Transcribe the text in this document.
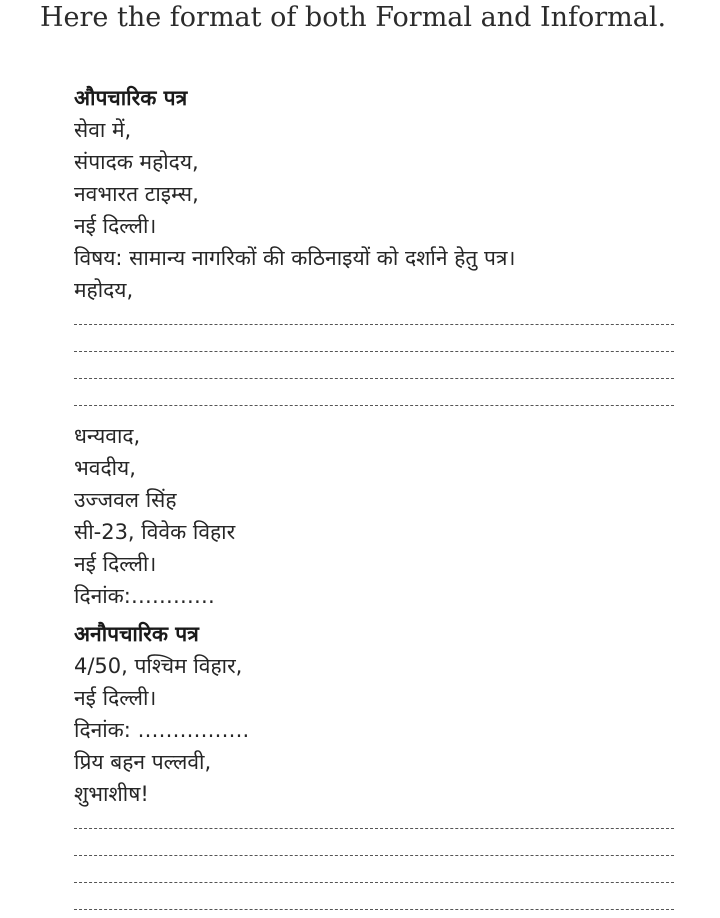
Here the format of both Formal and Informal.
औपचारिक पत्र
सेवा में,
संपादक महोदय,
नवभारत टाइम्स,
नई दिल्ली।
विषय: सामान्य नागरिकों की कठिनाइयों को दर्शाने हेतु पत्र।
महोदय,
धन्यवाद,
भवदीय,
उज्जवल सिंह
सी-23, विवेक विहार
नई दिल्ली।
दिनांक:…………
अनौपचारिक पत्र
4/50, पश्चिम विहार,
नई दिल्ली।
दिनांक: …………….
प्रिय बहन पल्लवी,
शुभाशीष!
